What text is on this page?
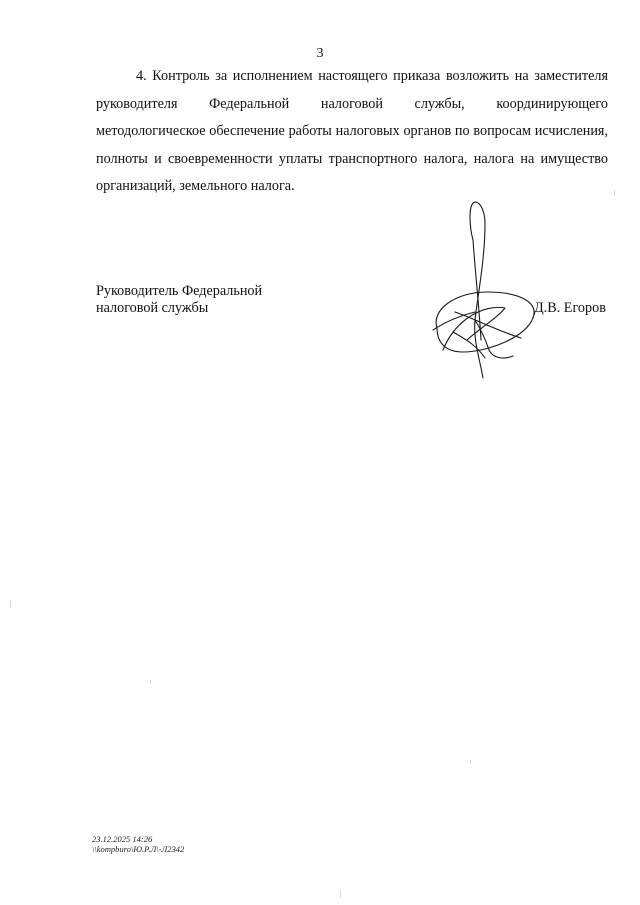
3

4. Контроль за исполнением настоящего приказа возложить на заместителя руководителя Федеральной налоговой службы, координирующего методологическое обеспечение работы налоговых органов по вопросам исчисления, полноты и своевременности уплаты транспортного налога, налога на имущество организаций, земельного налога.

Руководитель Федеральной
налоговой службы	Д.В. Егоров
23.12.2025 14:26
\\kompburo\Ю.Р.Л\-Л2342
